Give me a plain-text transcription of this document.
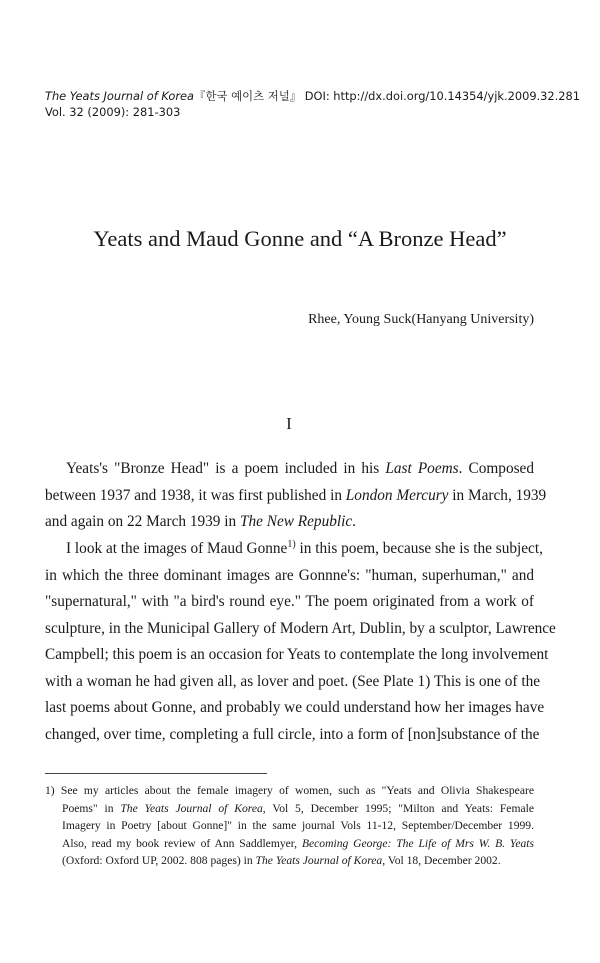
The Yeats Journal of Korea『한국 예이츠 저널』 DOI: http://dx.doi.org/10.14354/yjk.2009.32.281
Vol. 32 (2009): 281-303
Yeats and Maud Gonne and “A Bronze Head”
Rhee, Young Suck(Hanyang University)
I
Yeats's "Bronze Head" is a poem included in his Last Poems. Composed
between 1937 and 1938, it was first published in London Mercury in March, 1939
and again on 22 March 1939 in The New Republic.
I look at the images of Maud Gonne$^{1)}$ in this poem, because she is the subject,
in which the three dominant images are Gonnne's: "human, superhuman," and
"supernatural," with "a bird's round eye." The poem originated from a work of
sculpture, in the Municipal Gallery of Modern Art, Dublin, by a sculptor, Lawrence
Campbell; this poem is an occasion for Yeats to contemplate the long involvement
with a woman he had given all, as lover and poet. (See Plate 1) This is one of the
last poems about Gonne, and probably we could understand how her images have
changed, over time, completing a full circle, into a form of [non]substance of the
1) See my articles about the female imagery of women, such as "Yeats and Olivia Shakespeare
Poems" in The Yeats Journal of Korea, Vol 5, December 1995; "Milton and Yeats: Female
Imagery in Poetry [about Gonne]" in the same journal Vols 11-12, September/December 1999.
Also, read my book review of Ann Saddlemyer, Becoming George: The Life of Mrs W. B. Yeats
(Oxford: Oxford UP, 2002. 808 pages) in The Yeats Journal of Korea, Vol 18, December 2002.
